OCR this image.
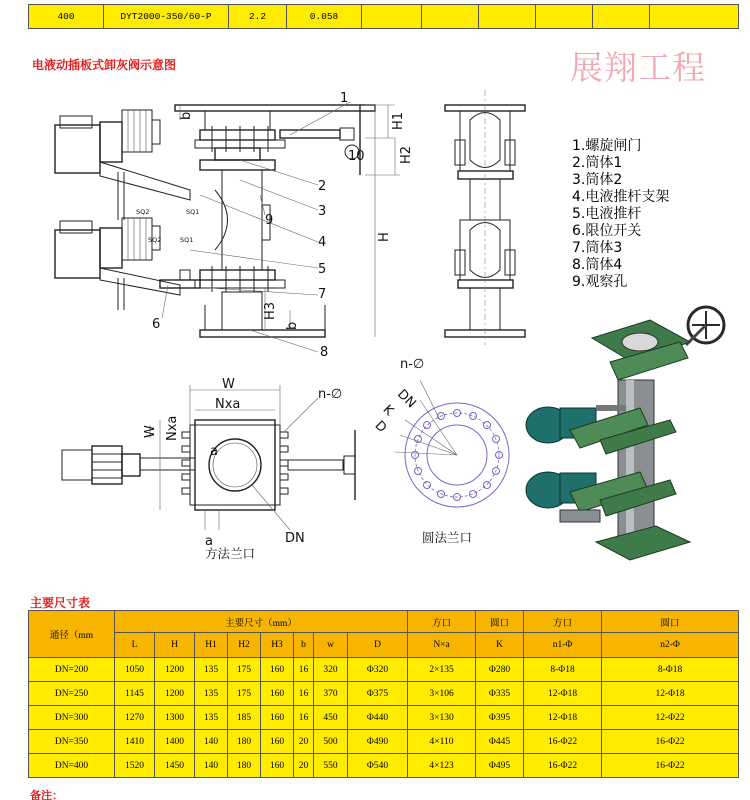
400	DYT2000-350/60-P	2.2	0.058						
电液动插板式卸灰阀示意图	展翔工程
1
2
3
4
5
6
7
8
9
10
b	H1
H2
H
H3
b
SQ2	SQ1
SQ2	SQ1
1.螺旋闸门
2.筒体1
3.筒体2
4.电液推杆支架
5.电液推杆
6.限位开关
7.筒体3
8.筒体4
9.观察孔
W
Nxa
n-∅
Nxa
W
a
a
DN
方法兰口
n-∅
DN
K
D
圆法兰口
主要尺寸表
通径（mm	主要尺寸（mm）								方口	圆口	方口	圆口
	L	H	H1	H2	H3	b	w	D	N×a	K	n1-Φ	n2-Φ
DN=200	1050	1200	135	175	160	16	320	Φ320	2×135	Φ280	8-Φ18	8-Φ18
DN=250	1145	1200	135	175	160	16	370	Φ375	3×106	Φ335	12-Φ18	12-Φ18
DN=300	1270	1300	135	185	160	16	450	Φ440	3×130	Φ395	12-Φ18	12-Φ22
DN=350	1410	1400	140	180	160	20	500	Φ490	4×110	Φ445	16-Φ22	16-Φ22
DN=400	1520	1450	140	180	160	20	550	Φ540	4×123	Φ495	16-Φ22	16-Φ22
备注：
